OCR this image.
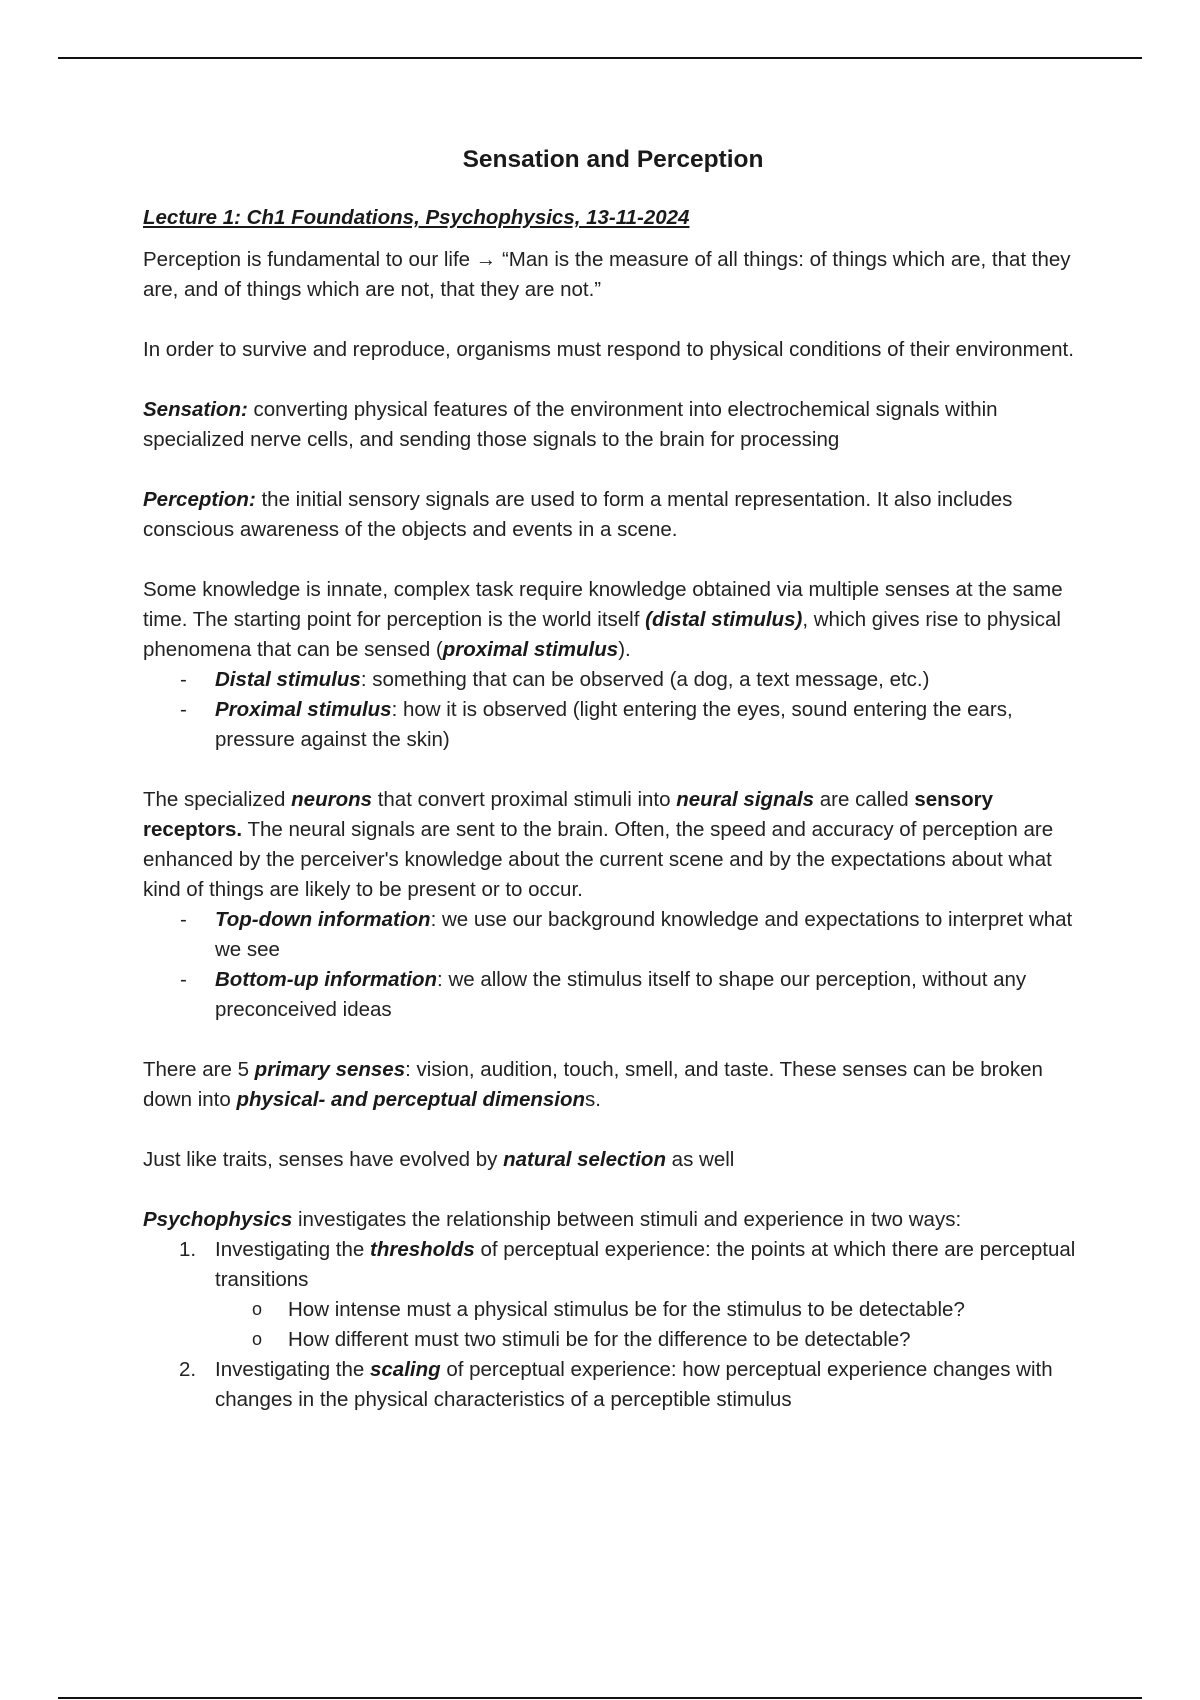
Sensation and Perception

Lecture 1: Ch1 Foundations, Psychophysics, 13-11-2024

Perception is fundamental to our life → “Man is the measure of all things: of things which are, that they are, and of things which are not, that they are not.”

In order to survive and reproduce, organisms must respond to physical conditions of their environment.

Sensation: converting physical features of the environment into electrochemical signals within specialized nerve cells, and sending those signals to the brain for processing

Perception: the initial sensory signals are used to form a mental representation. It also includes conscious awareness of the objects and events in a scene.

Some knowledge is innate, complex task require knowledge obtained via multiple senses at the same time. The starting point for perception is the world itself (distal stimulus), which gives rise to physical phenomena that can be sensed (proximal stimulus).

- Distal stimulus: something that can be observed (a dog, a text message, etc.)
- Proximal stimulus: how it is observed (light entering the eyes, sound entering the ears, pressure against the skin)

The specialized neurons that convert proximal stimuli into neural signals are called sensory receptors. The neural signals are sent to the brain. Often, the speed and accuracy of perception are enhanced by the perceiver's knowledge about the current scene and by the expectations about what kind of things are likely to be present or to occur.

- Top-down information: we use our background knowledge and expectations to interpret what we see
- Bottom-up information: we allow the stimulus itself to shape our perception, without any preconceived ideas

There are 5 primary senses: vision, audition, touch, smell, and taste. These senses can be broken down into physical- and perceptual dimensions.

Just like traits, senses have evolved by natural selection as well

Psychophysics investigates the relationship between stimuli and experience in two ways:

1. Investigating the thresholds of perceptual experience: the points at which there are perceptual transitions
o How intense must a physical stimulus be for the stimulus to be detectable?
o How different must two stimuli be for the difference to be detectable?
2. Investigating the scaling of perceptual experience: how perceptual experience changes with changes in the physical characteristics of a perceptible stimulus
